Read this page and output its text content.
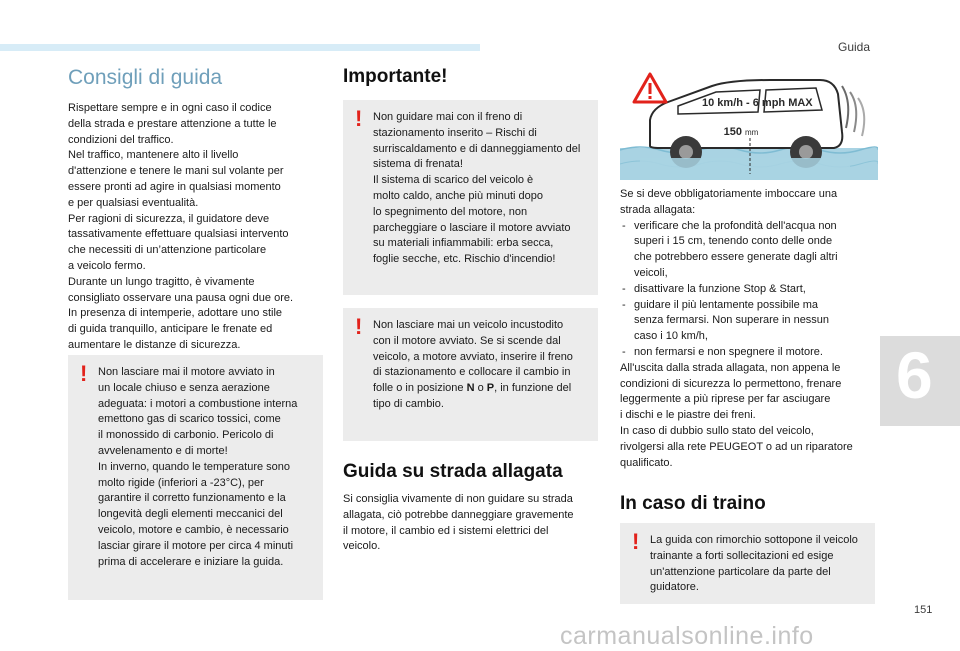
Guida
6
Consigli di guida

Rispettare sempre e in ogni caso il codice
della strada e prestare attenzione a tutte le
condizioni del traffico.
Nel traffico, mantenere alto il livello
d'attenzione e tenere le mani sul volante per
essere pronti ad agire in qualsiasi momento
e per qualsiasi eventualità.
Per ragioni di sicurezza, il guidatore deve
tassativamente effettuare qualsiasi intervento
che necessiti di un’attenzione particolare
a veicolo fermo.
Durante un lungo tragitto, è vivamente
consigliato osservare una pausa ogni due ore.
In presenza di intemperie, adottare uno stile
di guida tranquillo, anticipare le frenate ed
aumentare le distanze di sicurezza.

! Non lasciare mai il motore avviato in
un locale chiuso e senza aerazione
adeguata: i motori a combustione interna
emettono gas di scarico tossici, come
il monossido di carbonio. Pericolo di
avvelenamento e di morte!
In inverno, quando le temperature sono
molto rigide (inferiori a -23°C), per
garantire il corretto funzionamento e la
longevità degli elementi meccanici del
veicolo, motore e cambio, è necessario
lasciar girare il motore per circa 4 minuti
prima di accelerare e iniziare la guida.

Importante!
! Non guidare mai con il freno di
stazionamento inserito – Rischi di
surriscaldamento e di danneggiamento del
sistema di frenata!
Il sistema di scarico del veicolo è
molto caldo, anche più minuti dopo
lo spegnimento del motore, non
parcheggiare o lasciare il motore avviato
su materiali infiammabili: erba secca,
foglie secche, etc. Rischio d'incendio!

! Non lasciare mai un veicolo incustodito
con il motore avviato. Se si scende dal
veicolo, a motore avviato, inserire il freno
di stazionamento e collocare il cambio in
folle o in posizione N o P, in funzione del
tipo di cambio.

Guida su strada allagata

Si consiglia vivamente di non guidare su strada
allagata, ciò potrebbe danneggiare gravemente
il motore, il cambio ed i sistemi elettrici del
veicolo.

10 km/h - 6 mph MAX
150 mm

Se si deve obbligatoriamente imboccare una
strada allagata:

- verificare che la profondità dell'acqua non
superi i 15 cm, tenendo conto delle onde
che potrebbero essere generate dagli altri
veicoli,
- disattivare la funzione Stop & Start,
- guidare il più lentamente possibile ma
senza fermarsi. Non superare in nessun
caso i 10 km/h,
- non fermarsi e non spegnere il motore.

All'uscita dalla strada allagata, non appena le
condizioni di sicurezza lo permettono, frenare
leggermente a più riprese per far asciugare
i dischi e le piastre dei freni.
In caso di dubbio sullo stato del veicolo,
rivolgersi alla rete PEUGEOT o ad un riparatore
qualificato.

In caso di traino
! La guida con rimorchio sottopone il veicolo
trainante a forti sollecitazioni ed esige
un'attenzione particolare da parte del
guidatore.

151
carmanualsonline.info
